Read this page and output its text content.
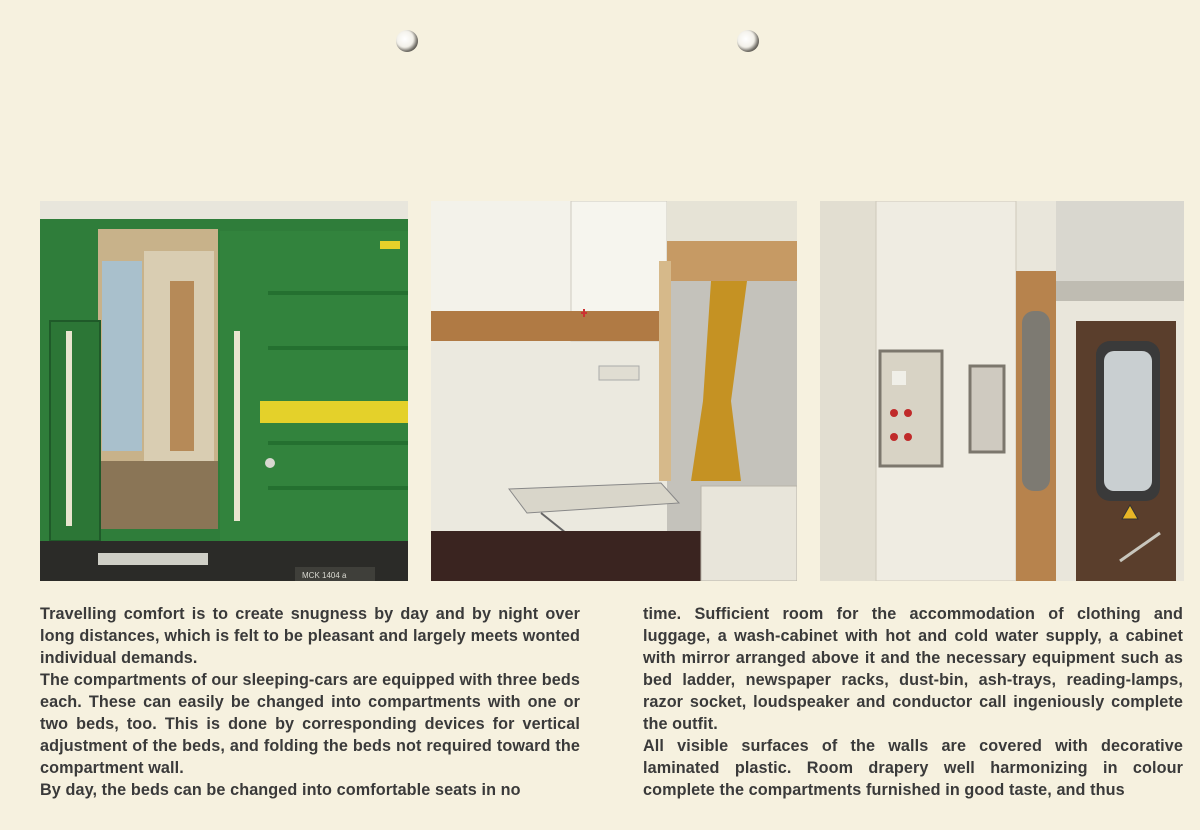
MCK 1404 a

Travelling comfort is to create snugness by day and by night over long distances, which is felt to be pleasant and largely meets wonted individual demands.

The compartments of our sleeping-cars are equipped with three beds each. These can easily be changed into compartments with one or two beds, too. This is done by corresponding devices for vertical adjustment of the beds, and folding the beds not required toward the compartment wall.

By day, the beds can be changed into comfortable seats in no

time. Sufficient room for the accommodation of clothing and luggage, a wash-cabinet with hot and cold water supply, a cabinet with mirror arranged above it and the necessary equipment such as bed ladder, newspaper racks, dust-bin, ash-trays, reading-lamps, razor socket, loudspeaker and conductor call ingeniously complete the outfit.

All visible surfaces of the walls are covered with decorative laminated plastic. Room drapery well harmonizing in colour complete the compartments furnished in good taste, and thus
